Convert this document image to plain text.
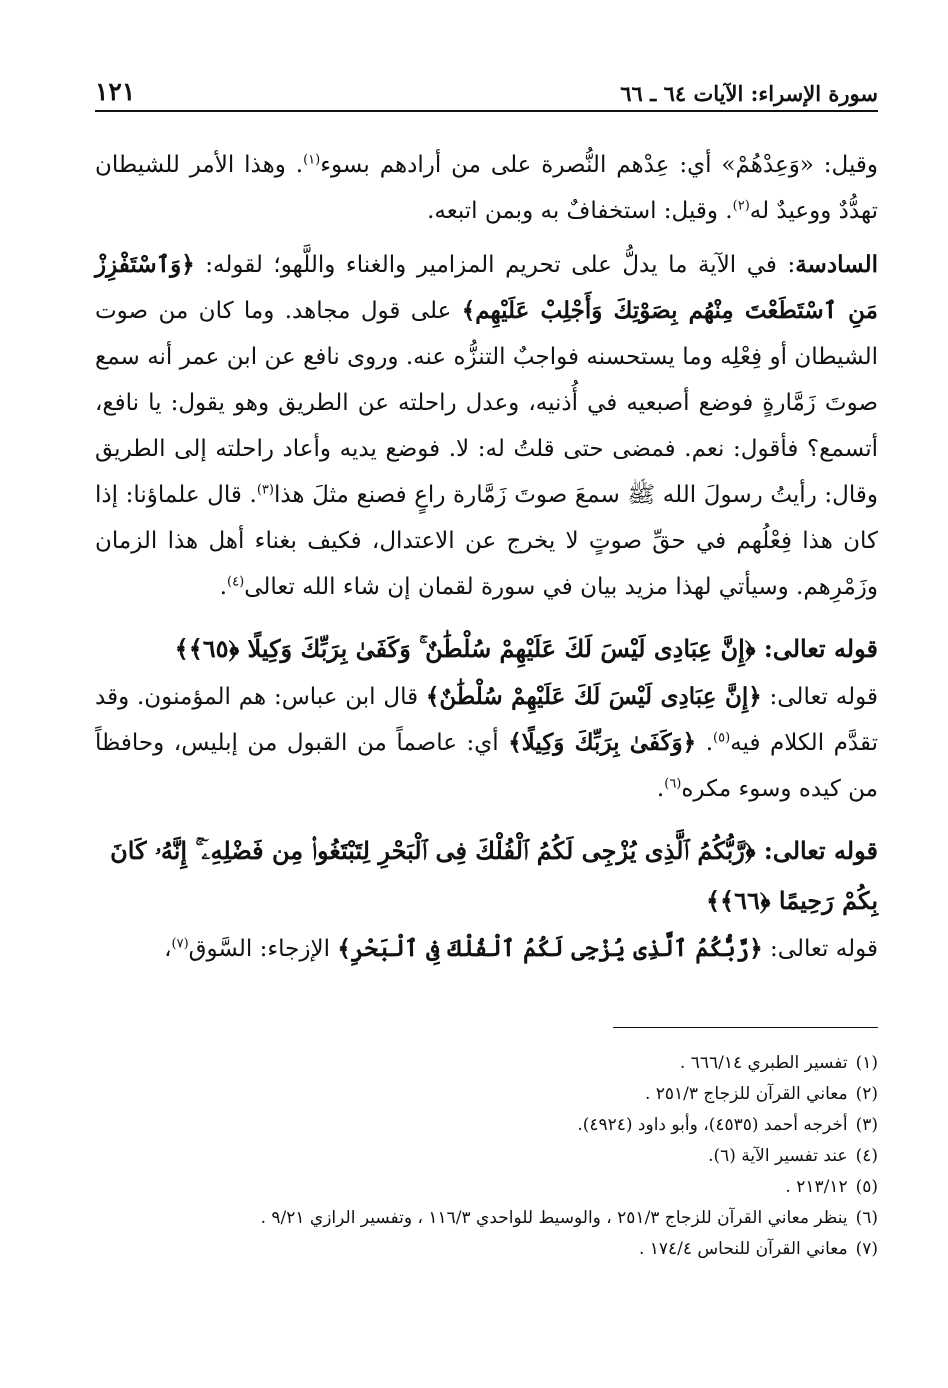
سورة الإسراء: الآيات ٦٤ ـ ٦٦
١٢١
وقيل: «وَعِدْهُمْ» أي: عِدْهم النُّصرة على من أرادهم بسوء$^{(١)}$. وهذا الأمر للشيطان تهدُّدٌ ووعيدٌ له$^{(٢)}$. وقيل: استخفافٌ به وبمن اتبعه.
السادسة: في الآية ما يدلُّ على تحريم المزامير والغناء واللَّهو؛ لقوله: ﴿وَٱسْتَفْزِزْ مَنِ ٱسْتَطَعْتَ مِنْهُم بِصَوْتِكَ وَأَجْلِبْ عَلَيْهِم﴾ على قول مجاهد. وما كان من صوت الشيطان أو فِعْلِه وما يستحسنه فواجبٌ التنزُّه عنه. وروى نافع عن ابن عمر أنه سمع صوتَ زَمَّارةٍ فوضع أصبعيه في أُذنيه، وعدل راحلته عن الطريق وهو يقول: يا نافع، أتسمع؟ فأقول: نعم. فمضى حتى قلتُ له: لا. فوضع يديه وأعاد راحلته إلى الطريق وقال: رأيتُ رسولَ الله ﷺ سمعَ صوتَ زَمَّارة راعٍ فصنع مثلَ هذا$^{(٣)}$. قال علماؤنا: إذا كان هذا فِعْلُهم في حقِّ صوتٍ لا يخرج عن الاعتدال، فكيف بغناء أهل هذا الزمان وزَمْرِهم. وسيأتي لهذا مزيد بيان في سورة لقمان إن شاء الله تعالى$^{(٤)}$.
قوله تعالى: ﴿إِنَّ عِبَادِى لَيْسَ لَكَ عَلَيْهِمْ سُلْطَٰنٌ ۚ وَكَفَىٰ بِرَبِّكَ وَكِيلًا ﴿٦٥﴾﴾
قوله تعالى: ﴿إِنَّ عِبَادِى لَيْسَ لَكَ عَلَيْهِمْ سُلْطَٰنٌ﴾ قال ابن عباس: هم المؤمنون. وقد تقدَّم الكلام فيه$^{(٥)}$. ﴿وَكَفَىٰ بِرَبِّكَ وَكِيلًا﴾ أي: عاصماً من القبول من إبليس، وحافظاً من كيده وسوء مكره$^{(٦)}$.
قوله تعالى: ﴿رَّبُّكُمُ ٱلَّذِى يُزْجِى لَكُمُ ٱلْفُلْكَ فِى ٱلْبَحْرِ لِتَبْتَغُوا۟ مِن فَضْلِهِۦٓ ۚ إِنَّهُۥ كَانَ بِكُمْ رَحِيمًا ﴿٦٦﴾﴾
قوله تعالى: ﴿رَّبُّكُمُ ٱلَّذِى يُزْجِى لَكُمُ ٱلْفُلْكَ فِى ٱلْبَحْرِ﴾ الإزجاء: السَّوق$^{(٧)}$،
(١)تفسير الطبري ٦٦٦/١٤ .
(٢)معاني القرآن للزجاج ٢٥١/٣ .
(٣)أخرجه أحمد (٤٥٣٥)، وأبو داود (٤٩٢٤).
(٤)عند تفسير الآية (٦).
(٥)٢١٣/١٢ .
(٦)ينظر معاني القرآن للزجاج ٢٥١/٣ ، والوسيط للواحدي ١١٦/٣ ، وتفسير الرازي ٩/٢١ .
(٧)معاني القرآن للنحاس ١٧٤/٤ .
